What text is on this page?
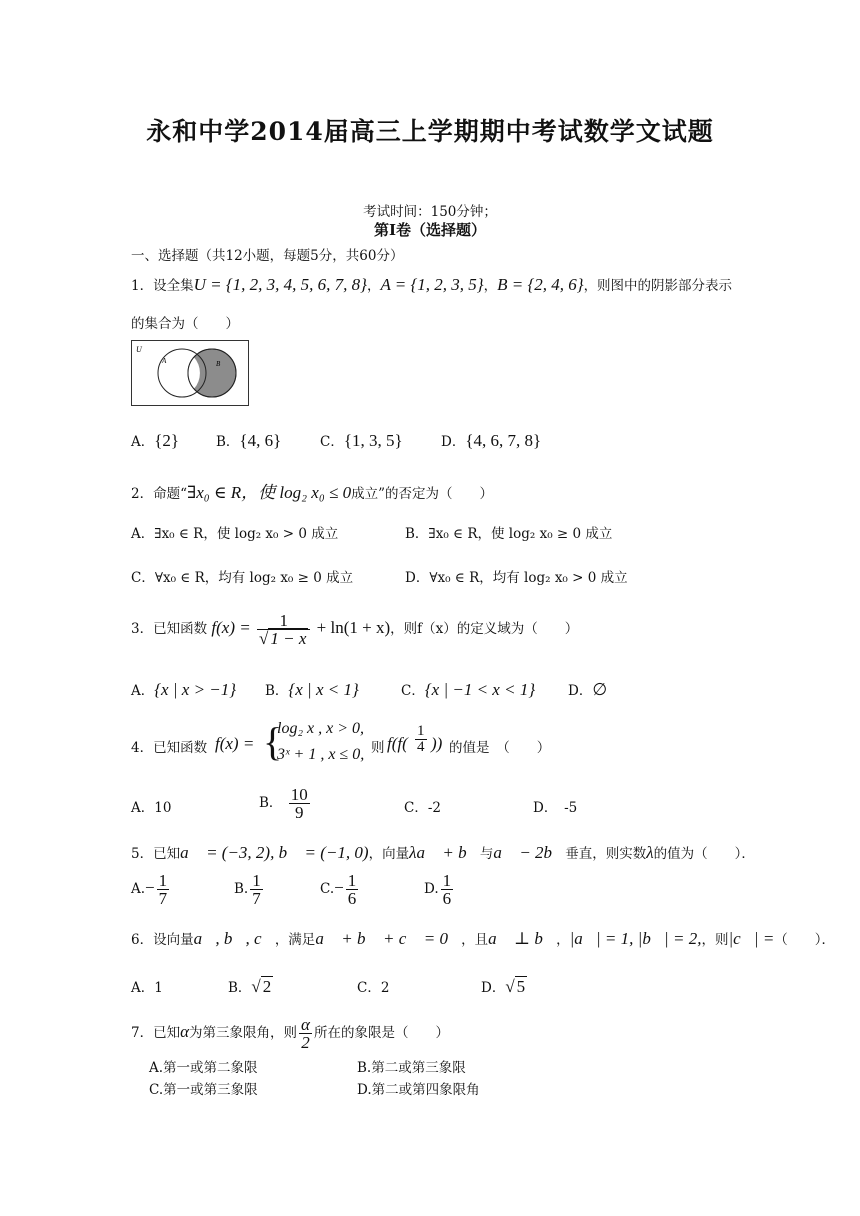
永和中学2014届高三上学期期中考试数学文试题
考试时间：150分钟；
第Ⅰ卷（选择题）
一、选择题（共12小题，每题5分，共60分）
1．设全集U = {1, 2, 3, 4, 5, 6, 7, 8}，A = {1, 2, 3, 5}，B = {2, 4, 6}，则图中的阴影部分表示
的集合为（　　）
U
A	B
A．{2}	B．{4, 6}	C．{1, 3, 5}	D．{4, 6, 7, 8}
2．命题“∃x₀ ∈ R，使 log₂ x₀ ≤ 0成立”的否定为（　　）
A．∃x₀ ∈ R，使 log₂ x₀ > 0 成立	B．∃x₀ ∈ R，使 log₂ x₀ ≥ 0 成立
C．∀x₀ ∈ R，均有 log₂ x₀ ≥ 0 成立	D．∀x₀ ∈ R，均有 log₂ x₀ > 0 成立
3．已知函数 $f(x) = \frac{1}{√ 1 - x} + \ln(1 + x)$，则f（x）的定义域为（　　）
A．{x | x > −1} B．{x | x < 1}	C．{x | −1 < x < 1} D．∅
4．已知函数 f(x) = {
log₂ x , x > 0,
3ˣ + 1 , x ≤ 0, 则 $f(f( \frac{1}{4}$ )) 的值是　（　　）
A．10	B． $\frac{10}{9}$	C．-2	D．　-5
5．已知a⃗ = (−3, 2), b⃗ = (−1, 0)，向量λa⃗ + b⃗与a⃗ − 2b⃗垂直，则实数λ的值为（　　）．
$A.- \frac{1}{7}$	B. $\frac{1}{7}$	$C.- \frac{1}{6}$	D. $\frac{1}{6}$
6．设向量a⃗, b⃗, c⃗，满足a⃗ + b⃗ + c⃗ = 0⃗，且a⃗ ⊥ b⃗，|a⃗| = 1, |b⃗| = 2,，则|c⃗| =（　　）．
A．1	B．√ 2	C．2	D．√ 5
7．已知α为第三象限角，则 $\frac{\alpha}{2}$ 所在的象限是（　　）
A.第一或第二象限	B.第二或第三象限
C.第一或第三象限	D.第二或第四象限角
